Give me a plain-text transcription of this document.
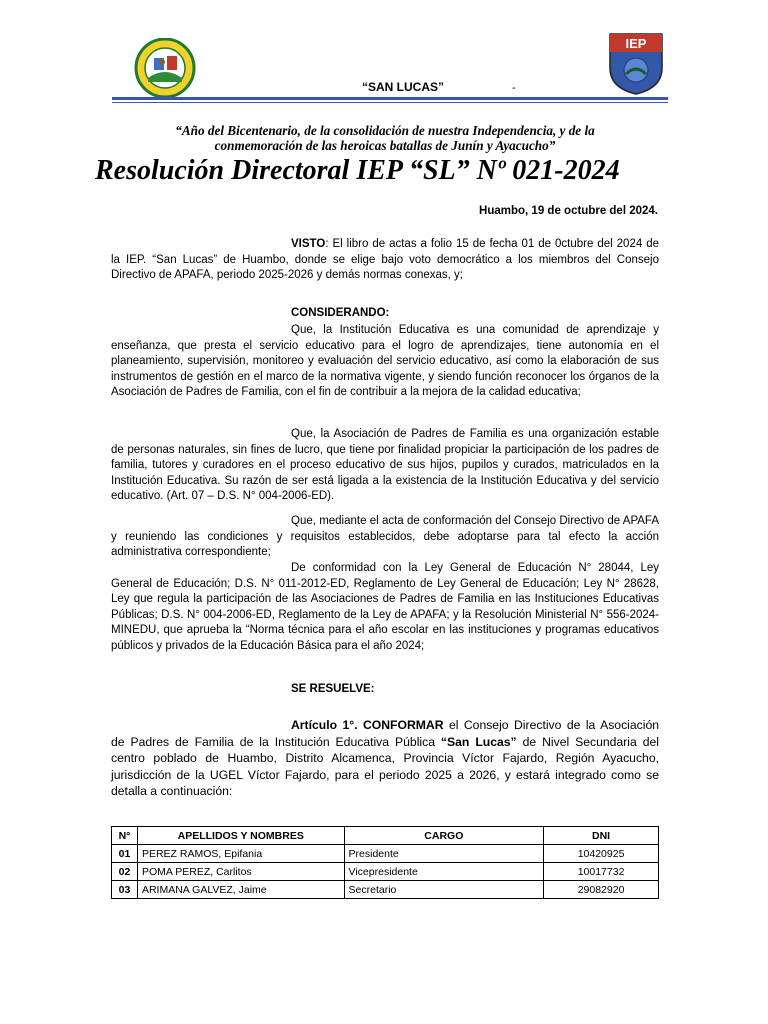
IEP
“SAN LUCAS”	-
“Año del Bicentenario, de la consolidación de nuestra Independencia, y de la
conmemoración de las heroicas batallas de Junín y Ayacucho”
Resolución Directoral IEP “SL” Nº 021-2024
Huambo, 19 de octubre del 2024.
VISTO: El libro de actas a folio 15 de fecha 01 de 0ctubre del 2024 de la IEP. “San Lucas” de Huambo, donde se elige bajo voto democrático a los miembros del Consejo Directivo de APAFA, periodo 2025-2026 y demás normas conexas, y;
CONSIDERANDO:
Que, la Institución Educativa es una comunidad de aprendizaje y enseñanza, que presta el servicio educativo para el logro de aprendizajes, tiene autonomía en el planeamiento, supervisión, monitoreo y evaluación del servicio educativo, así como la elaboración de sus instrumentos de gestión en el marco de la normativa vigente, y siendo función reconocer los órganos de la Asociación de Padres de Familia, con el fin de contribuir a la mejora de la calidad educativa;
Que, la Asociación de Padres de Familia es una organización estable de personas naturales, sin fines de lucro, que tiene por finalidad propiciar la participación de los padres de familia, tutores y curadores en el proceso educativo de sus hijos, pupilos y curados, matriculados en la Institución Educativa. Su razón de ser está ligada a la existencia de la Institución Educativa y del servicio educativo. (Art. 07 – D.S. N° 004-2006-ED).
Que, mediante el acta de conformación del Consejo Directivo de APAFA y reuniendo las condiciones y requisitos establecidos, debe adoptarse para tal efecto la acción administrativa correspondiente;
De conformidad con la Ley General de Educación N° 28044, Ley General de Educación; D.S. N° 011-2012-ED, Reglamento de Ley General de Educación; Ley N° 28628, Ley que regula la participación de las Asociaciones de Padres de Familia en las Instituciones Educativas Públicas; D.S. N° 004-2006-ED, Reglamento de la Ley de APAFA; y la Resolución Ministerial N° 556-2024-MINEDU, que aprueba la “Norma técnica para el año escolar en las instituciones y programas educativos públicos y privados de la Educación Básica para el año 2024;
SE RESUELVE:
Artículo 1°. CONFORMAR el Consejo Directivo de la Asociación de Padres de Familia de la Institución Educativa Pública “San Lucas” de Nivel Secundaria del centro poblado de Huambo, Distrito Alcamenca, Provincia Víctor Fajardo, Región Ayacucho, jurisdicción de la UGEL Víctor Fajardo, para el periodo 2025 a 2026, y estará integrado como se detalla a continuación:
N°	APELLIDOS Y NOMBRES	CARGO	DNI
01	PEREZ RAMOS, Epifania	Presidente	10420925
02	POMA PEREZ, Carlitos	Vicepresidente	10017732
03	ARIMANA GALVEZ, Jaime	Secretario	29082920
